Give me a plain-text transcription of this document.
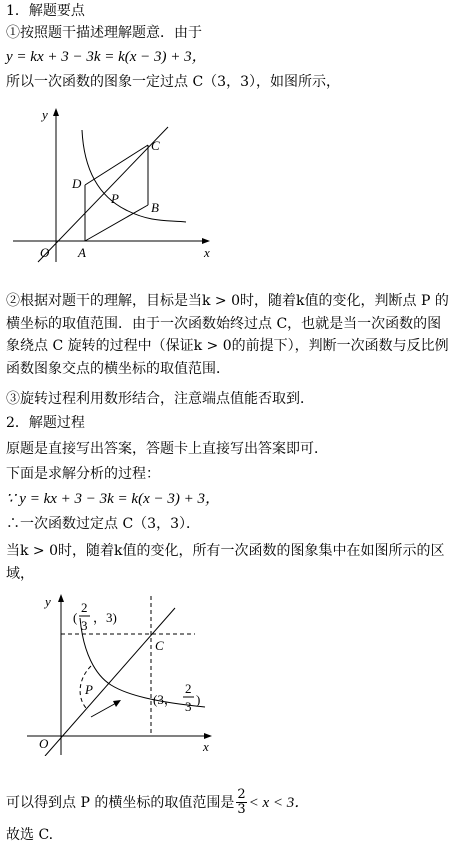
1．解题要点
①按照题干描述理解题意．由于
y = kx + 3 − 3k = k(x − 3) + 3，
所以一次函数的图象一定过点 C（3，3），如图所示，
y
x
O A
B
C
D
P
②根据对题干的理解，目标是当k > 0时，随着k值的变化，判断点 P 的横坐标的取值范围．由于一次函数始终过点 C，也就是当一次函数的图象绕点 C 旋转的过程中（保证k > 0的前提下），判断一次函数与反比例函数图象交点的横坐标的取值范围．
③旋转过程利用数形结合，注意端点值能否取到．
2．解题过程
原题是直接写出答案，答题卡上直接写出答案即可．
下面是求解分析的过程：
∵ y = kx + 3 − 3k = k(x − 3) + 3，
∴一次函数过定点 C（3，3）．
当k > 0时，随着k值的变化，所有一次函数的图象集中在如图所示的区域，
y
x
O
C
P
(
2
3
，3)
(3，
2
3 )
可以得到点 P 的横坐标的取值范围是 $\frac{2}{3} < x < 3$．
故选 C.
